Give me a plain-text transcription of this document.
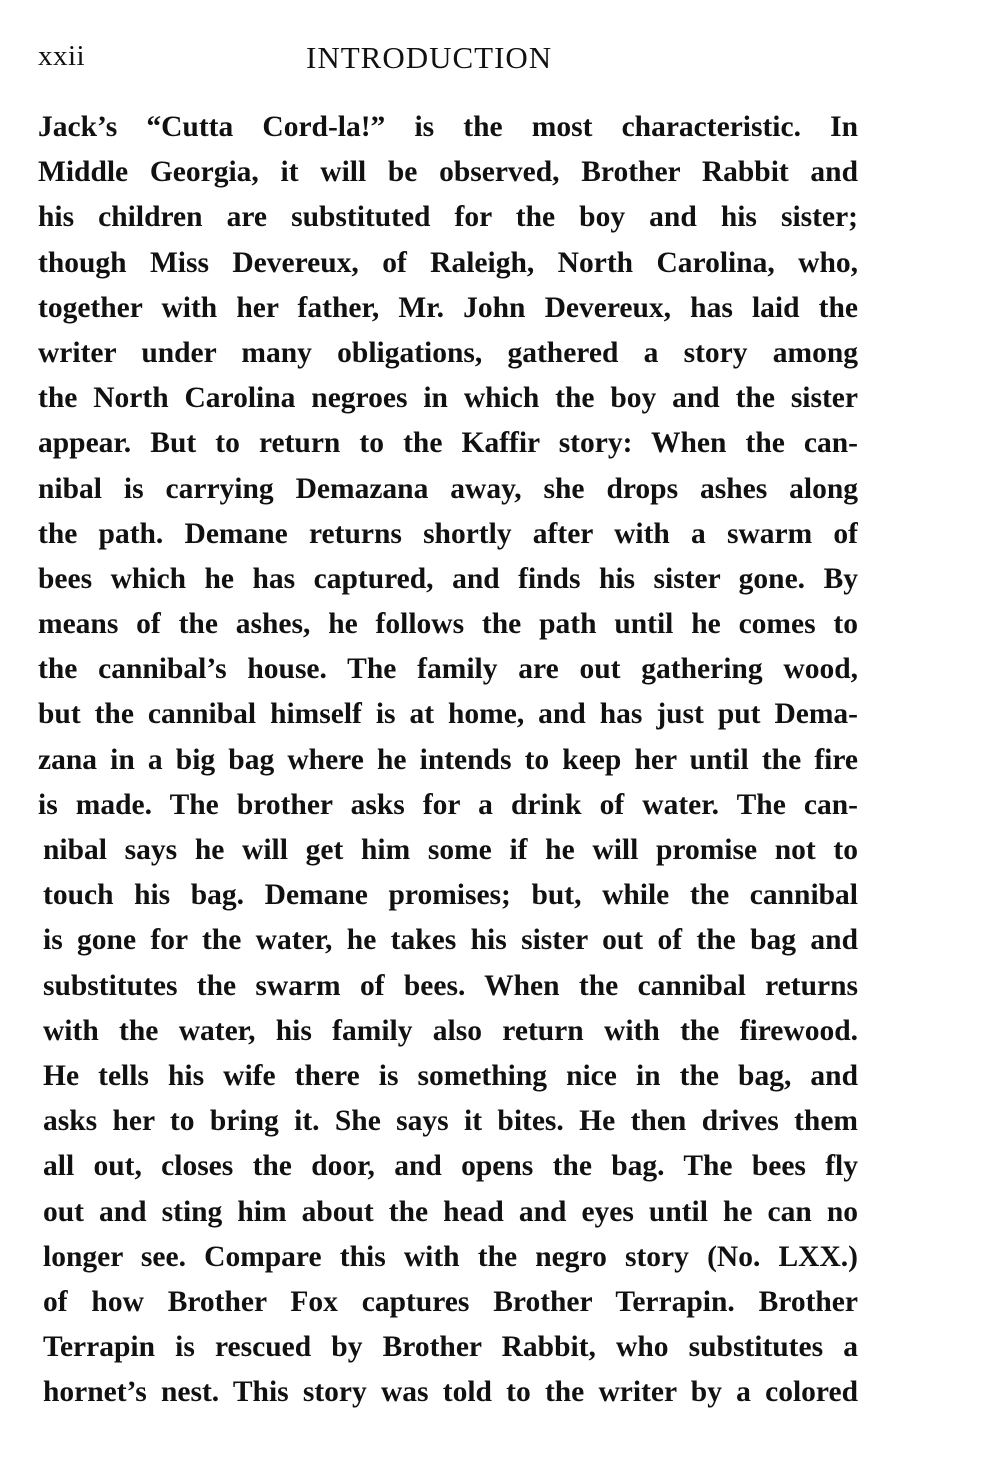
xxii	INTRODUCTION
Jack’s “Cutta Cord-la!” is the most characteristic. In
Middle Georgia, it will be observed, Brother Rabbit and
his children are substituted for the boy and his sister;
though Miss Devereux, of Raleigh, North Carolina, who,
together with her father, Mr. John Devereux, has laid the
writer under many obligations, gathered a story among
the North Carolina negroes in which the boy and the sister
appear. But to return to the Kaffir story: When the can-
nibal is carrying Demazana away, she drops ashes along
the path. Demane returns shortly after with a swarm of
bees which he has captured, and finds his sister gone. By
means of the ashes, he follows the path until he comes to
the cannibal’s house. The family are out gathering wood,
but the cannibal himself is at home, and has just put Dema-
zana in a big bag where he intends to keep her until the fire
is made. The brother asks for a drink of water. The can-
nibal says he will get him some if he will promise not to
touch his bag. Demane promises; but, while the cannibal
is gone for the water, he takes his sister out of the bag and
substitutes the swarm of bees. When the cannibal returns
with the water, his family also return with the firewood.
He tells his wife there is something nice in the bag, and
asks her to bring it. She says it bites. He then drives them
all out, closes the door, and opens the bag. The bees fly
out and sting him about the head and eyes until he can no
longer see. Compare this with the negro story (No. LXX.)
of how Brother Fox captures Brother Terrapin. Brother
Terrapin is rescued by Brother Rabbit, who substitutes a
hornet’s nest. This story was told to the writer by a colored
